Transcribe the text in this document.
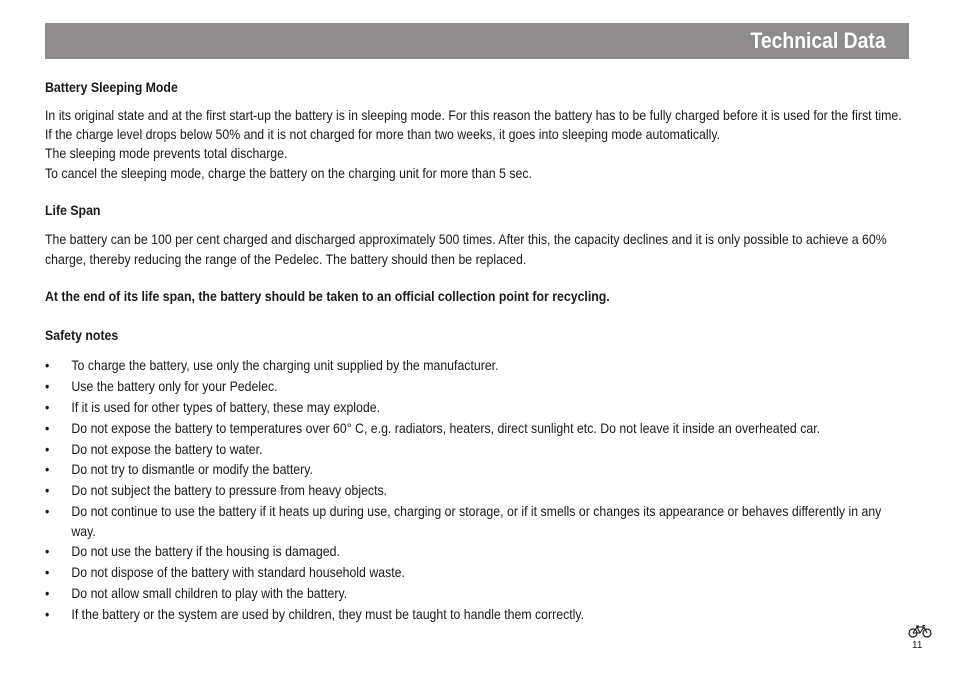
Technical Data

Battery Sleeping Mode

In its original state and at the first start-up the battery is in sleeping mode. For this reason the battery has to be fully charged before it is used for the first time.

If the charge level drops below 50% and it is not charged for more than two weeks, it goes into sleeping mode automatically.

The sleeping mode prevents total discharge.

To cancel the sleeping mode, charge the battery on the charging unit for more than 5 sec.

Life Span

The battery can be 100 per cent charged and discharged approximately 500 times. After this, the capacity declines and it is only possible to achieve a 60% charge, thereby reducing the range of the Pedelec. The battery should then be replaced.

At the end of its life span, the battery should be taken to an official collection point for recycling.

Safety notes

• To charge the battery, use only the charging unit supplied by the manufacturer.
• Use the battery only for your Pedelec.
• If it is used for other types of battery, these may explode.
• Do not expose the battery to temperatures over 60° C, e.g. radiators, heaters, direct sunlight etc. Do not leave it inside an overheated car.
• Do not expose the battery to water.
• Do not try to dismantle or modify the battery.
• Do not subject the battery to pressure from heavy objects.
• Do not continue to use the battery if it heats up during use, charging or storage, or if it smells or changes its appearance or behaves differently in any way.
• Do not use the battery if the housing is damaged.
• Do not dispose of the battery with standard household waste.
• Do not allow small children to play with the battery.
• If the battery or the system are used by children, they must be taught to handle them correctly.
11
